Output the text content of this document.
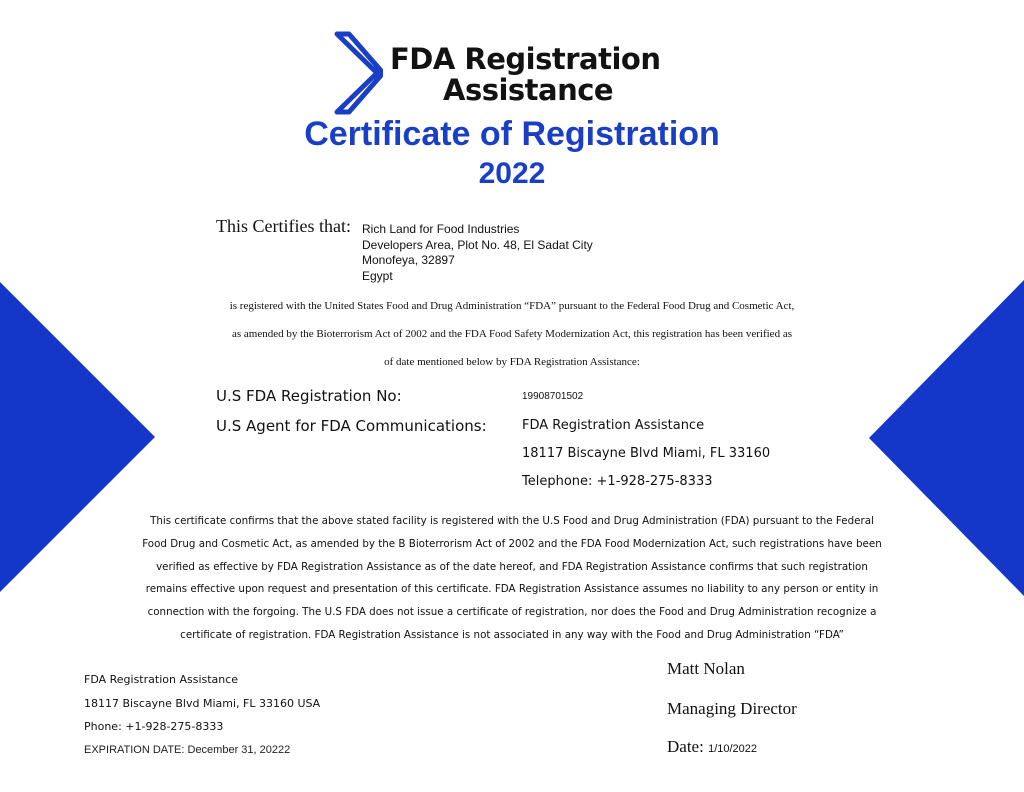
FDA Registration
Assistance
Certificate of Registration
2022
This Certifies that: Rich Land for Food Industries
Developers Area, Plot No. 48, El Sadat City
Monofeya, 32897
Egypt
is registered with the United States Food and Drug Administration “FDA” pursuant to the Federal Food Drug and Cosmetic Act,
as amended by the Bioterrorism Act of 2002 and the FDA Food Safety Modernization Act, this registration has been verified as
of date mentioned below by FDA Registration Assistance:
U.S FDA Registration No:	19908701502
U.S Agent for FDA Communications:	FDA Registration Assistance
18117 Biscayne Blvd Miami, FL 33160
Telephone: +1-928-275-8333
This certificate confirms that the above stated facility is registered with the U.S Food and Drug Administration (FDA) pursuant to the Federal
Food Drug and Cosmetic Act, as amended by the B Bioterrorism Act of 2002 and the FDA Food Modernization Act, such registrations have been
verified as effective by FDA Registration Assistance as of the date hereof, and FDA Registration Assistance confirms that such registration
remains effective upon request and presentation of this certificate. FDA Registration Assistance assumes no liability to any person or entity in
connection with the forgoing. The U.S FDA does not issue a certificate of registration, nor does the Food and Drug Administration recognize a
certificate of registration. FDA Registration Assistance is not associated in any way with the Food and Drug Administration “FDA”
FDA Registration Assistance
18117 Biscayne Blvd Miami, FL 33160 USA
Phone: +1-928-275-8333
EXPIRATION DATE: December 31, 20222
Matt Nolan
Managing Director
Date: 1/10/2022
